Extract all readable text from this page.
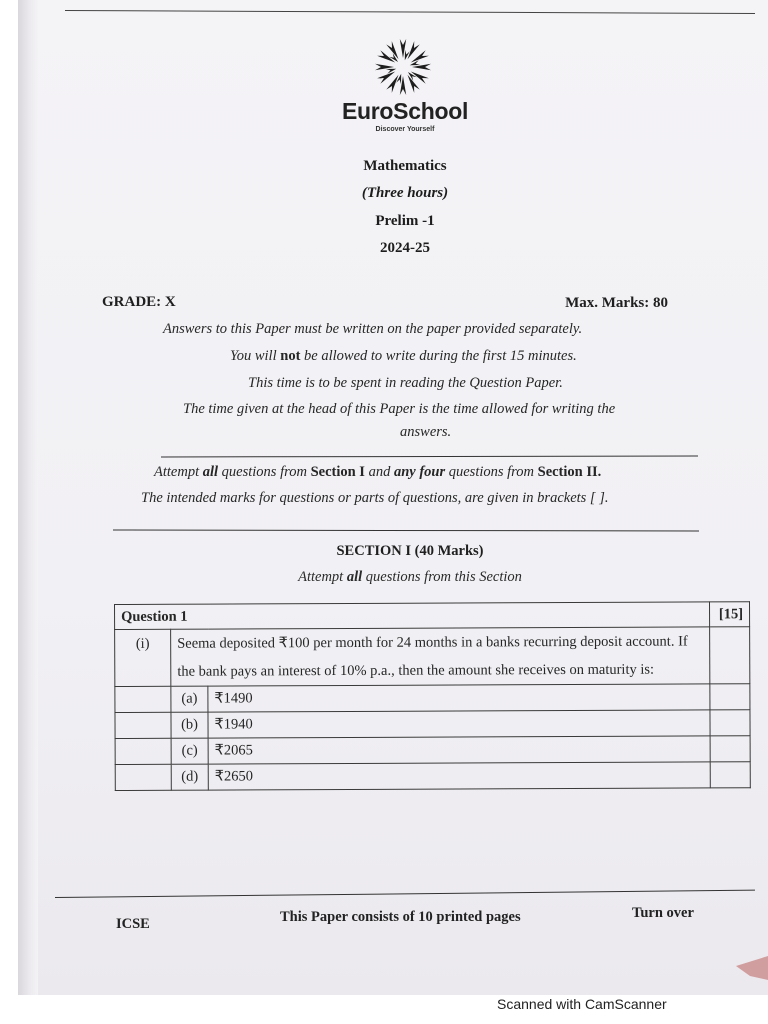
EuroSchool
Discover Yourself
Mathematics
(Three hours)
Prelim -1
2024-25
GRADE: X	Max. Marks: 80
Answers to this Paper must be written on the paper provided separately.
You will not be allowed to write during the first 15 minutes.
This time is to be spent in reading the Question Paper.
The time given at the head of this Paper is the time allowed for writing the
answers.
Attempt all questions from Section I and any four questions from Section II.
The intended marks for questions or parts of questions, are given in brackets [ ].
SECTION I (40 Marks)
Attempt all questions from this Section
Question 1			[15]
(i)	Seema deposited ₹100 per month for 24 months in a banks recurring deposit account. If the bank pays an interest of 10% p.a., then the amount she receives on maturity is:		
	(a)	₹1490	
	(b)	₹1940	
	(c)	₹2065	
	(d)	₹2650	
ICSE	This Paper consists of 10 printed pages	Turn over
Scanned with CamScanner
